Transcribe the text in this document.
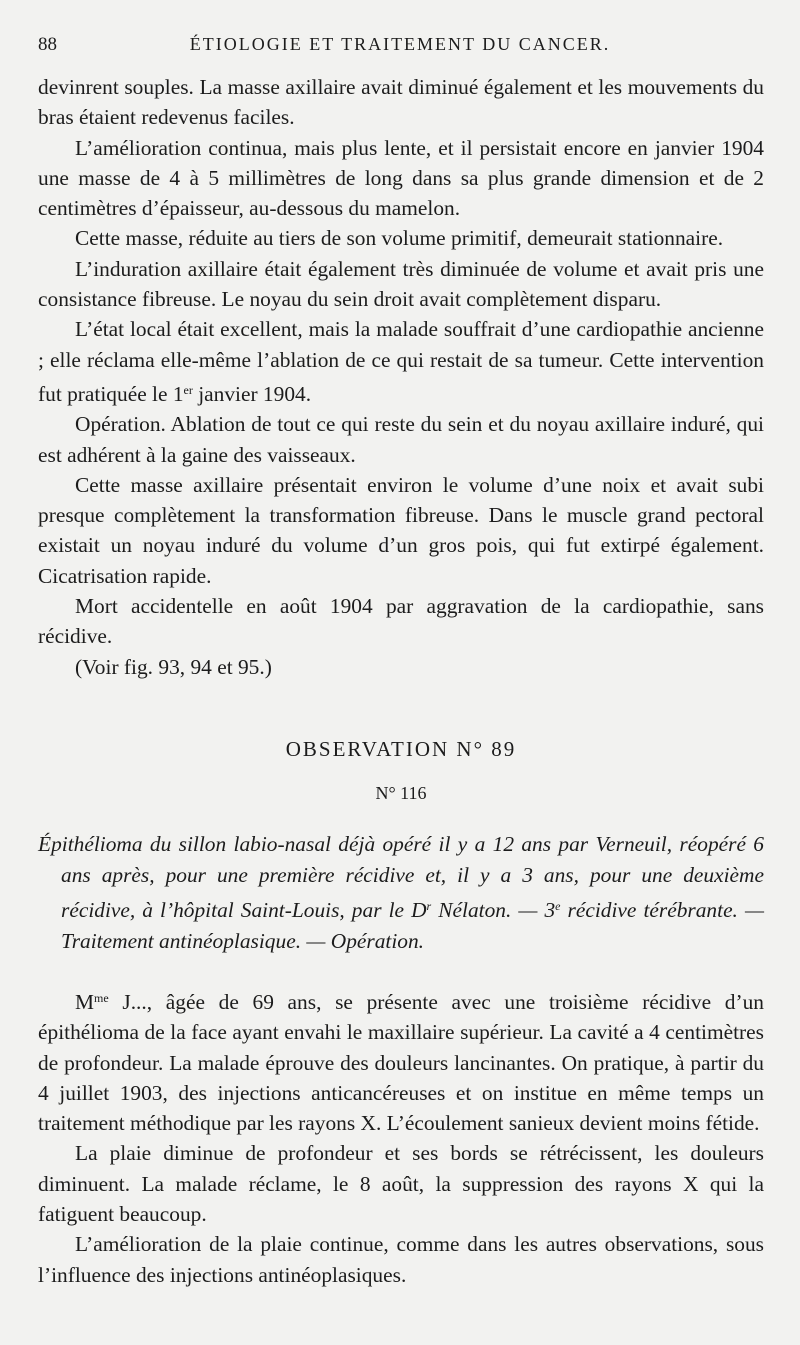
88	ÉTIOLOGIE ET TRAITEMENT DU CANCER.

devinrent souples. La masse axillaire avait diminué également et les mouvements du bras étaient redevenus faciles.

L’amélioration continua, mais plus lente, et il persistait encore en janvier 1904 une masse de 4 à 5 millimètres de long dans sa plus grande dimension et de 2 centimètres d’épaisseur, au-dessous du mamelon.

Cette masse, réduite au tiers de son volume primitif, demeurait stationnaire.

L’induration axillaire était également très diminuée de volume et avait pris une consistance fibreuse. Le noyau du sein droit avait complètement disparu.

L’état local était excellent, mais la malade souffrait d’une cardiopathie ancienne ; elle réclama elle-même l’ablation de ce qui restait de sa tumeur. Cette intervention fut pratiquée le 1er janvier 1904.

Opération. Ablation de tout ce qui reste du sein et du noyau axillaire induré, qui est adhérent à la gaine des vaisseaux.

Cette masse axillaire présentait environ le volume d’une noix et avait subi presque complètement la transformation fibreuse. Dans le muscle grand pectoral existait un noyau induré du volume d’un gros pois, qui fut extirpé également. Cicatrisation rapide.

Mort accidentelle en août 1904 par aggravation de la cardiopathie, sans récidive.

(Voir fig. 93, 94 et 95.)

OBSERVATION N° 89
N° 116

Épithélioma du sillon labio-nasal déjà opéré il y a 12 ans par Verneuil, réopéré 6 ans après, pour une première récidive et, il y a 3 ans, pour une deuxième récidive, à l’hôpital Saint-Louis, par le $D^r$ Nélaton. — 3e récidive térébrante. — Traitement antinéoplasique. — Opération.

$M^{me}$ J..., âgée de 69 ans, se présente avec une troisième récidive d’un épithélioma de la face ayant envahi le maxillaire supérieur. La cavité a 4 centimètres de profondeur. La malade éprouve des douleurs lancinantes. On pratique, à partir du 4 juillet 1903, des injections anticancéreuses et on institue en même temps un traitement méthodique par les rayons X. L’écoulement sanieux devient moins fétide.

La plaie diminue de profondeur et ses bords se rétrécissent, les douleurs diminuent. La malade réclame, le 8 août, la suppression des rayons X qui la fatiguent beaucoup.

L’amélioration de la plaie continue, comme dans les autres observations, sous l’influence des injections antinéoplasiques.
